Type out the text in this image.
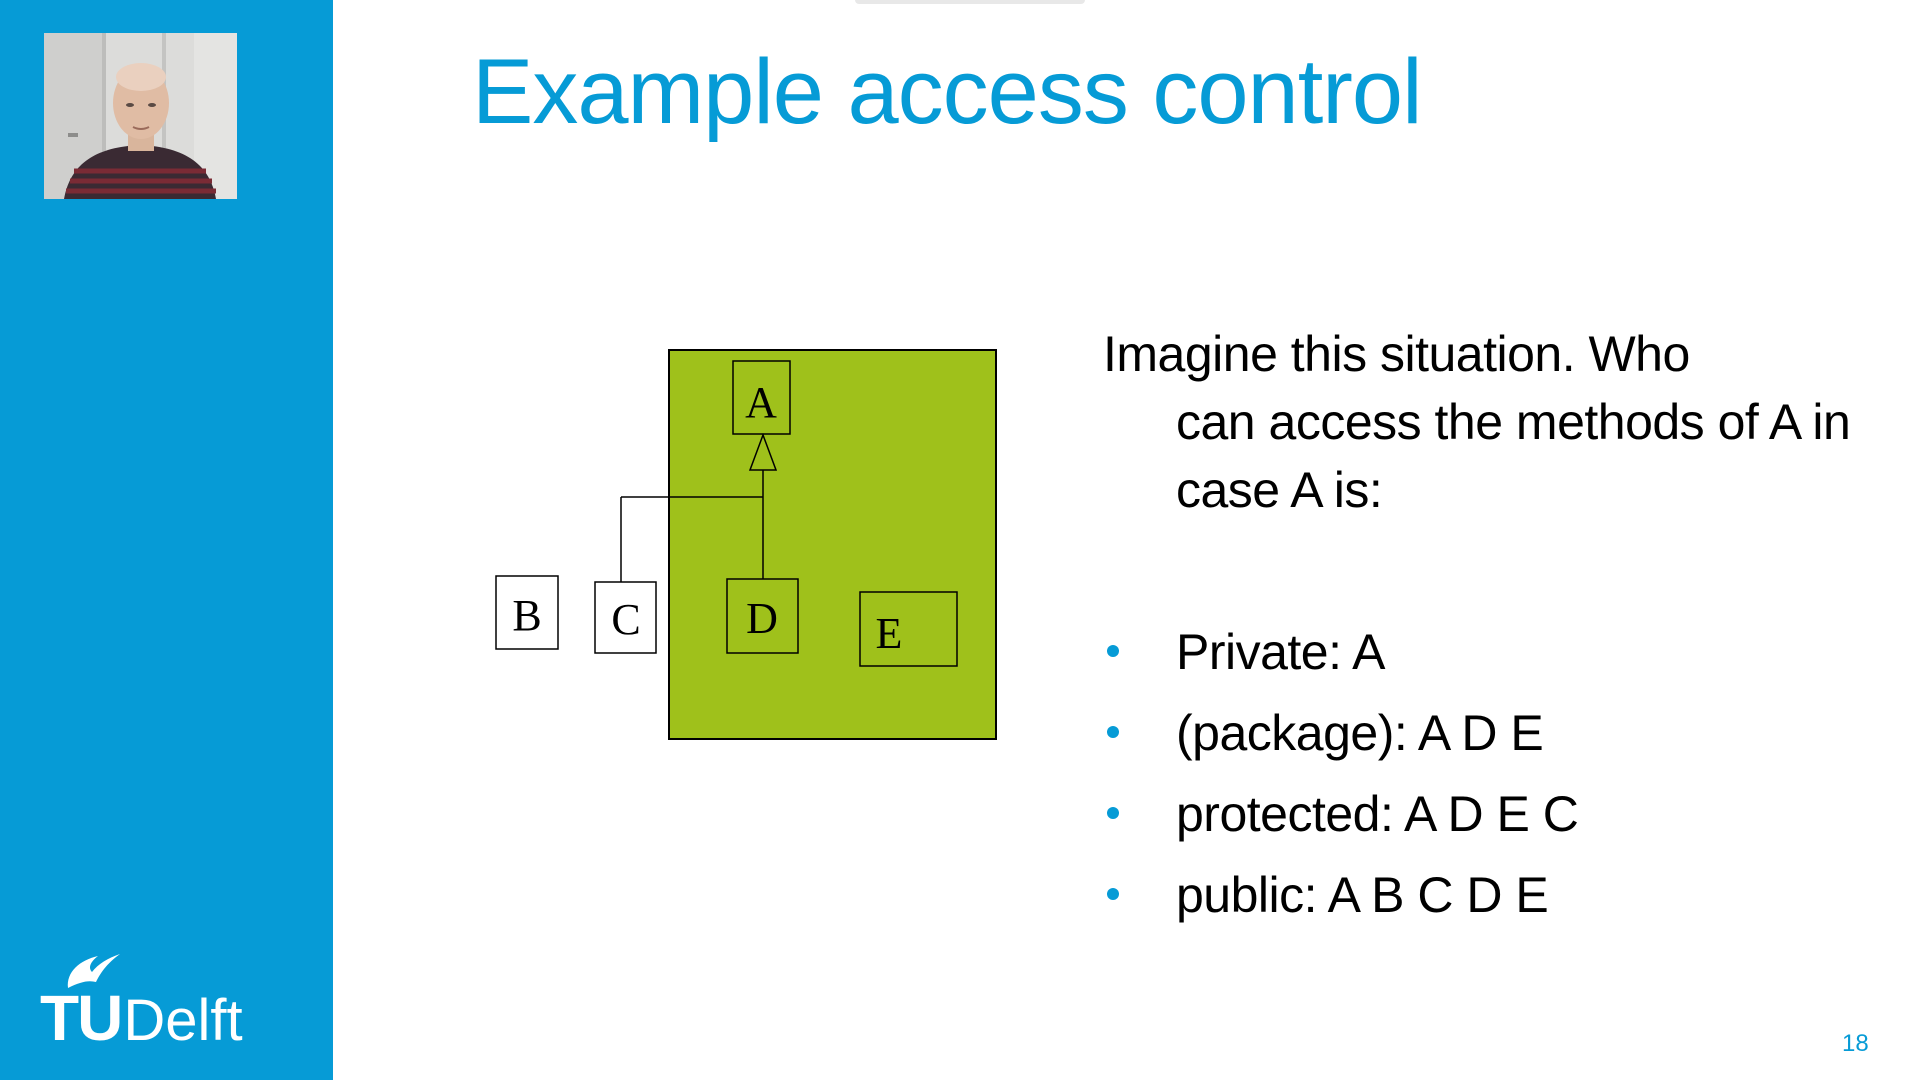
TU Delft
Example access control
A
B C D E
Imagine this situation. Who
can access the methods of A in case A is:
Private: A
(package): A D E
protected: A D E C
public: A B C D E
18
